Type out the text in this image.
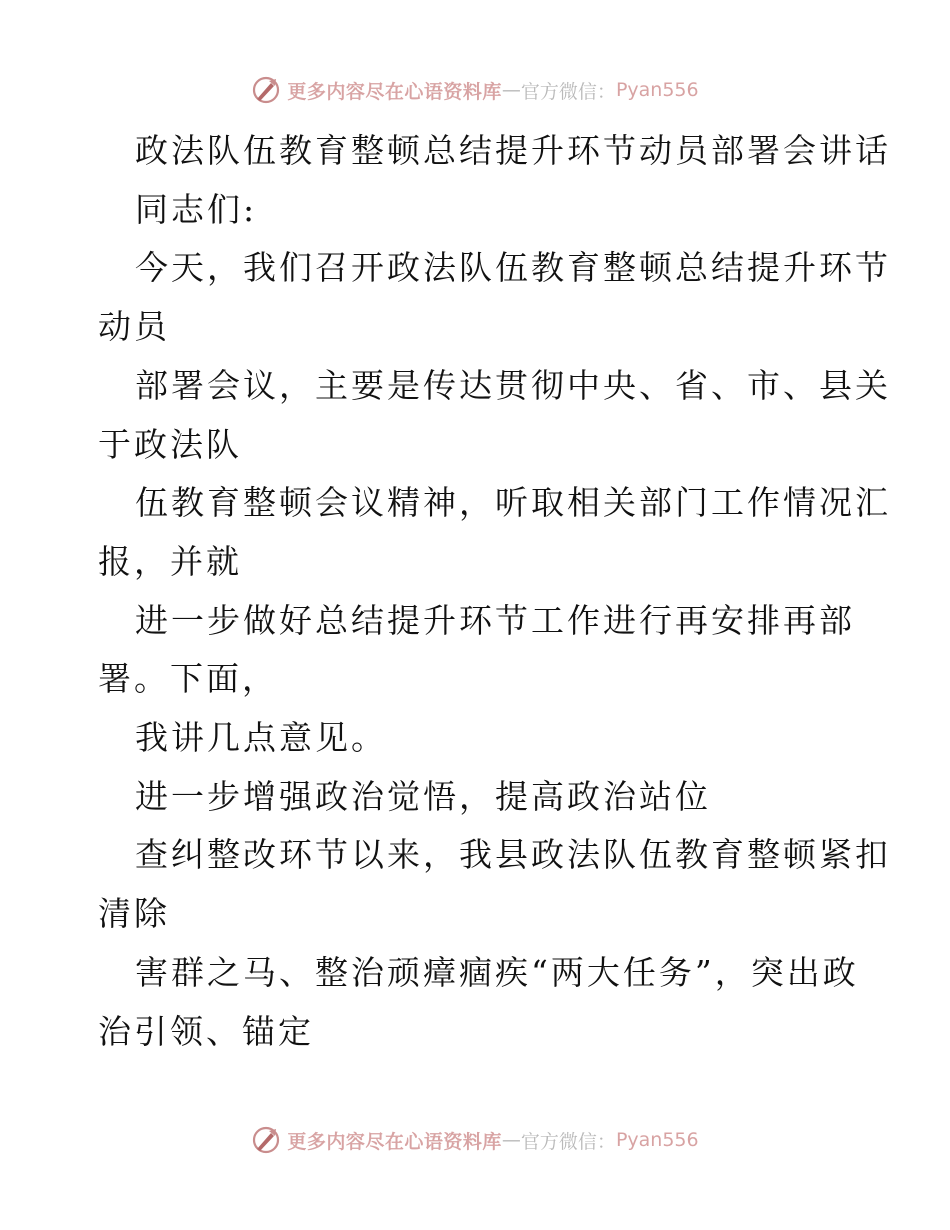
更多内容尽在心语资料库 — 官方微信： Pyan556

政法队伍教育整顿总结提升环节动员部署会讲话

同志们:

今天，我们召开政法队伍教育整顿总结提升环节
动员

部署会议，主要是传达贯彻中央、省、市、县关
于政法队

伍教育整顿会议精神，听取相关部门工作情况汇
报，并就

进一步做好总结提升环节工作进行再安排再部
署。下面，

我讲几点意见。

进一步增强政治觉悟，提高政治站位

查纠整改环节以来，我县政法队伍教育整顿紧扣
清除

害群之马、整治顽瘴痼疾“两大任务”，突出政
治引领、锚定

更多内容尽在心语资料库 — 官方微信： Pyan556
